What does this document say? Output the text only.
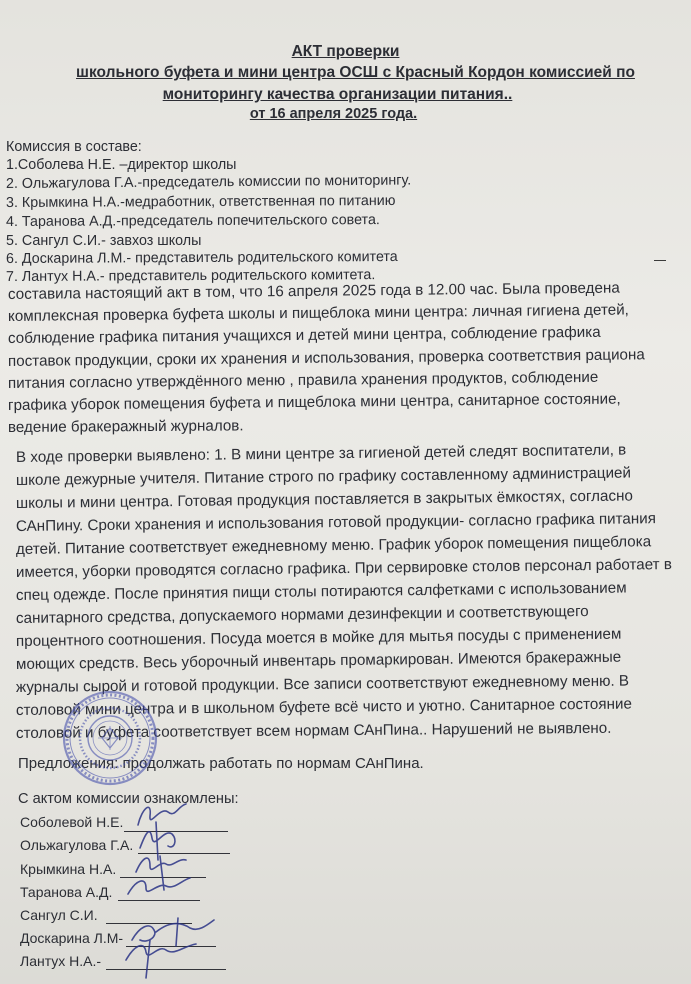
АКТ проверки
школьного буфета и мини центра ОСШ с Красный Кордон комиссией по
мониторингу качества организации питания..
от 16 апреля 2025 года.
Комиссия в составе:
1.Соболева Н.Е. –директор школы
2. Ольжагулова Г.А.-председатель комисcии по мониторингу.
3. Крымкина Н.А.-медработник, ответственная по питанию
4. Таранова А.Д.-председатель попечительского совета.
5. Сангул С.И.- завхоз школы
6. Доскарина Л.М.- представитель родительского комитета
7. Лантух Н.А.- представитель родительского комитета.
составила настоящий акт в том, что 16 апреля 2025 года в 12.00 час. Была проведена
комплексная проверка буфета школы и пищеблока мини центра: личная гигиена детей,
соблюдение графика питания учащихся и детей мини центра, соблюдение графика
поставок продукции, сроки их хранения и использования, проверка соответствия рациона
питания согласно утверждённого меню , правила хранения продуктов, соблюдение
графика уборок помещения буфета и пищеблока мини центра, санитарное состояние,
ведение бракеражный журналов.
В ходе проверки выявлено: 1. В мини центре за гигиеной детей следят воспитатели, в
школе дежурные учителя. Питание строго по графику составленному администрацией
школы и мини центра. Готовая продукция поставляется в закрытых ёмкостях, согласно
САнПину. Сроки хранения и использования готовой продукции- согласно графика питания
детей. Питание соответствует ежедневному меню. График уборок помещения пищеблока
имеется, уборки проводятся согласно графика. При сервировке столов персонал работает в
спец одежде. После принятия пищи столы потираются салфетками с использованием
санитарного средства, допускаемого нормами дезинфекции и соответствующего
процентного соотношения. Посуда моется в мойке для мытья посуды с применением
моющих средств. Весь уборочный инвентарь промаркирован. Имеются бракеражные
журналы сырой и готовой продукции. Все записи соответствуют ежедневному меню. В
столовой мини центра и в школьном буфете всё чисто и уютно. Санитарное состояние
столовой и буфета соответствует всем нормам САнПина.. Нарушений не выявлено.
Предложения: продолжать работать по нормам САнПина.
С актом комиссии ознакомлены:
Соболевой Н.Е.
Ольжагулова Г.А.
Крымкина Н.А.
Таранова А.Д.
Сангул С.И.
Доскарина Л.М-
Лантух Н.А.-
